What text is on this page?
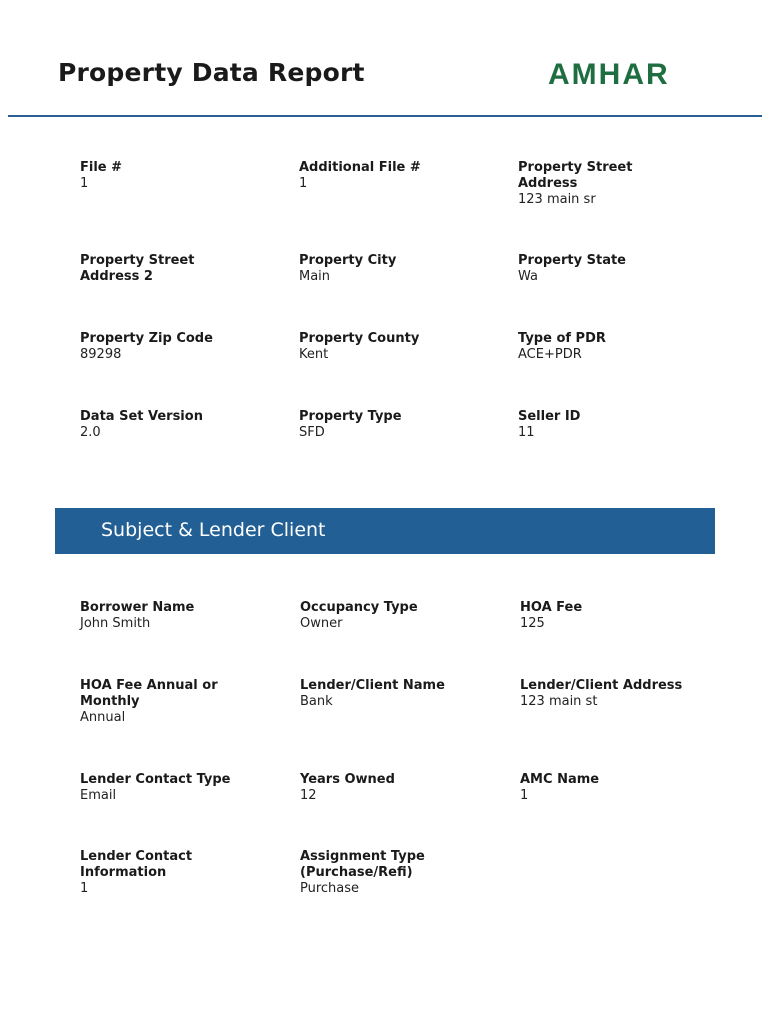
Property Data Report	AMHAR
File #
1
Additional File #
1
Property Street Address
123 main sr
Property Street Address 2
Property City
Main
Property State
Wa
Property Zip Code
89298
Property County
Kent
Type of PDR
ACE+PDR
Data Set Version
2.0
Property Type
SFD
Seller ID
11
Subject & Lender Client
Borrower Name
John Smith
Occupancy Type
Owner
HOA Fee
125
HOA Fee Annual or Monthly
Annual
Lender/Client Name
Bank
Lender/Client Address
123 main st
Lender Contact Type
Email
Years Owned
12
AMC Name
1
Lender Contact Information
1
Assignment Type (Purchase/Refi)
Purchase
